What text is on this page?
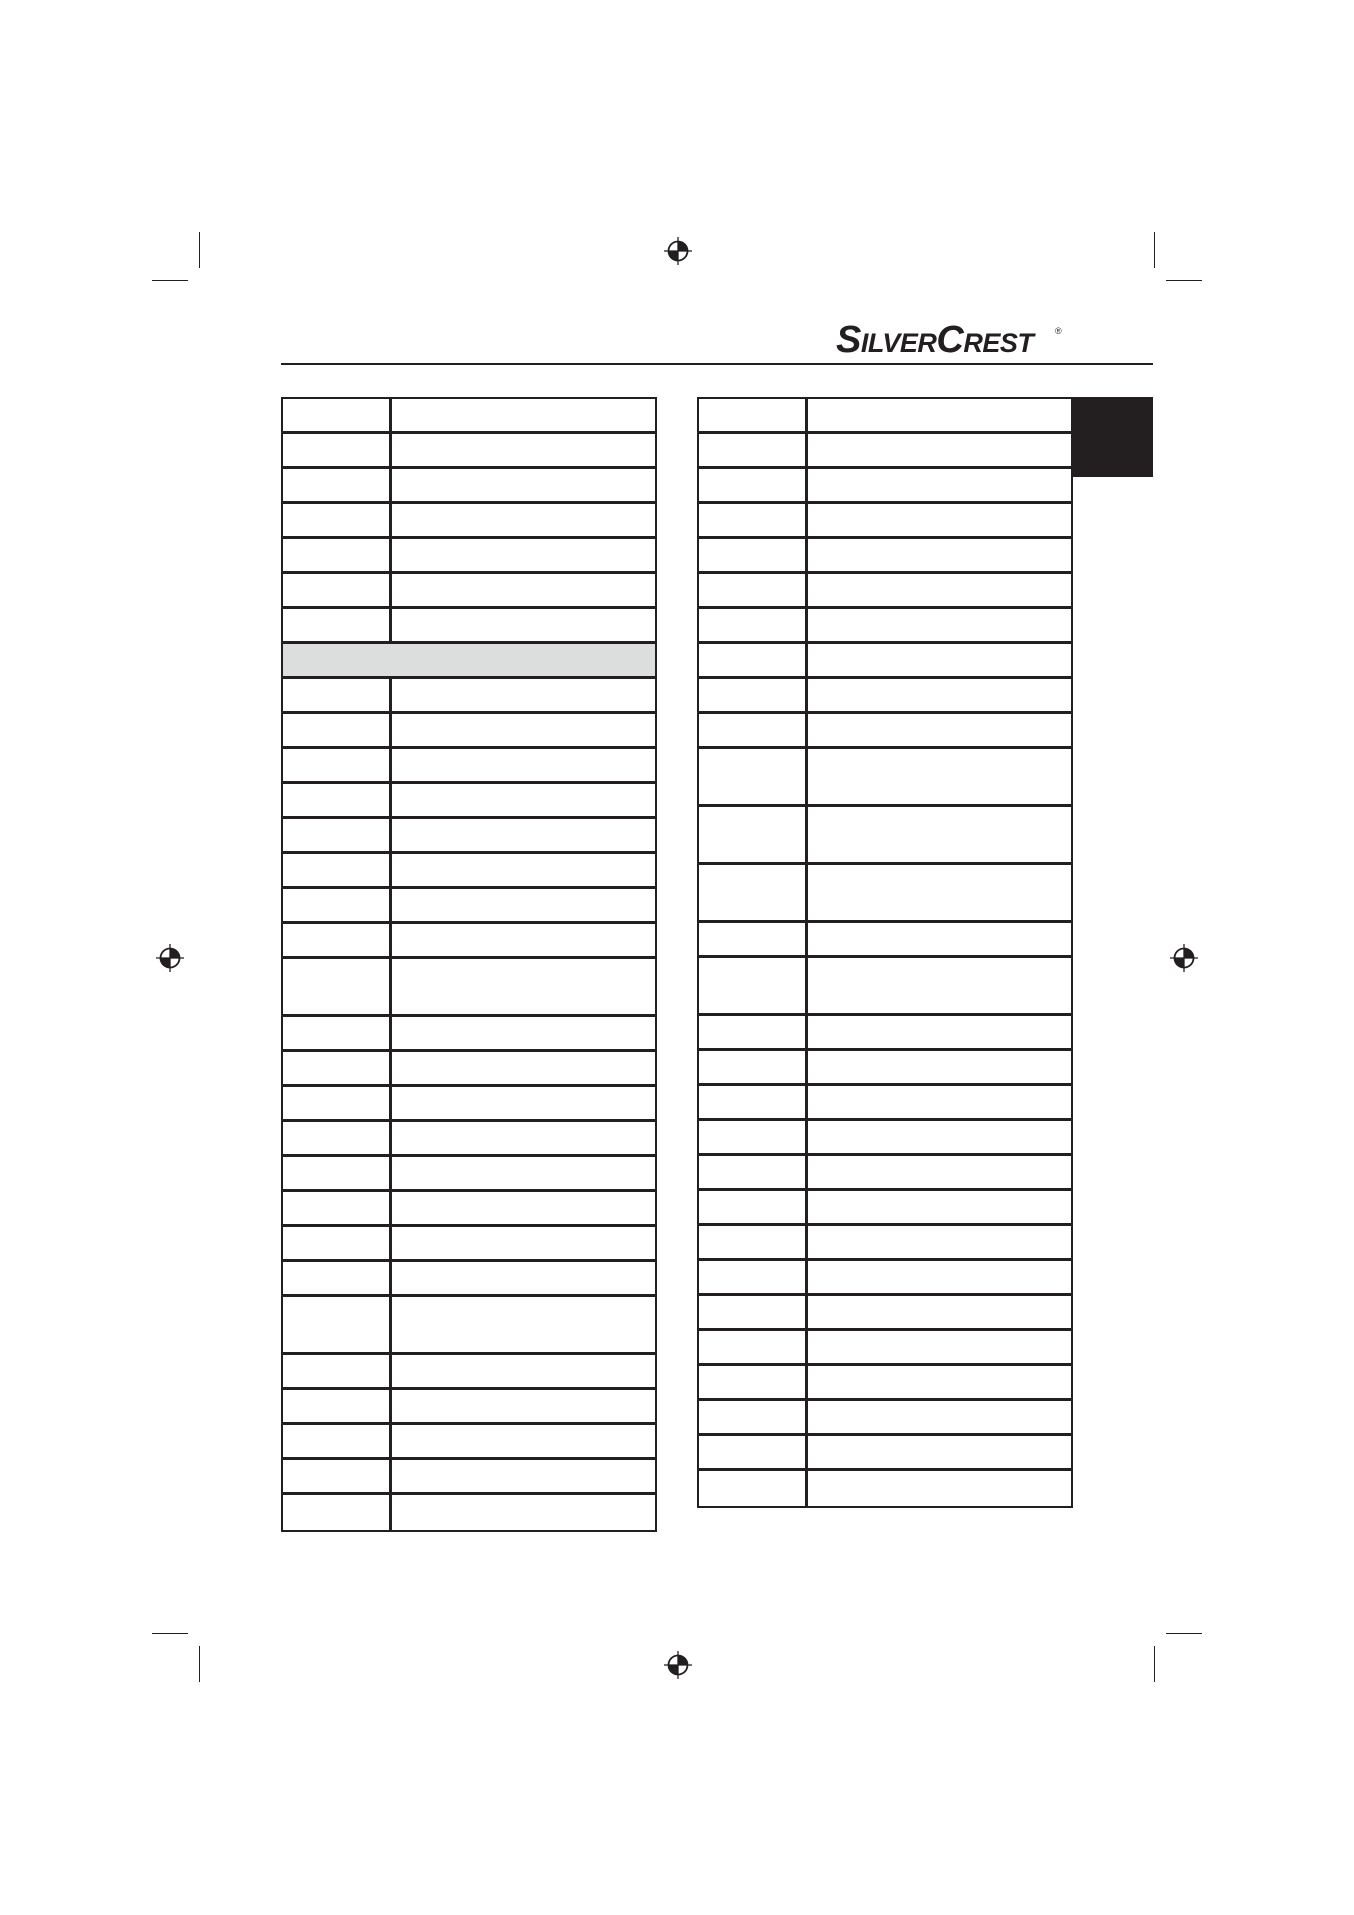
SILVERCREST	®
